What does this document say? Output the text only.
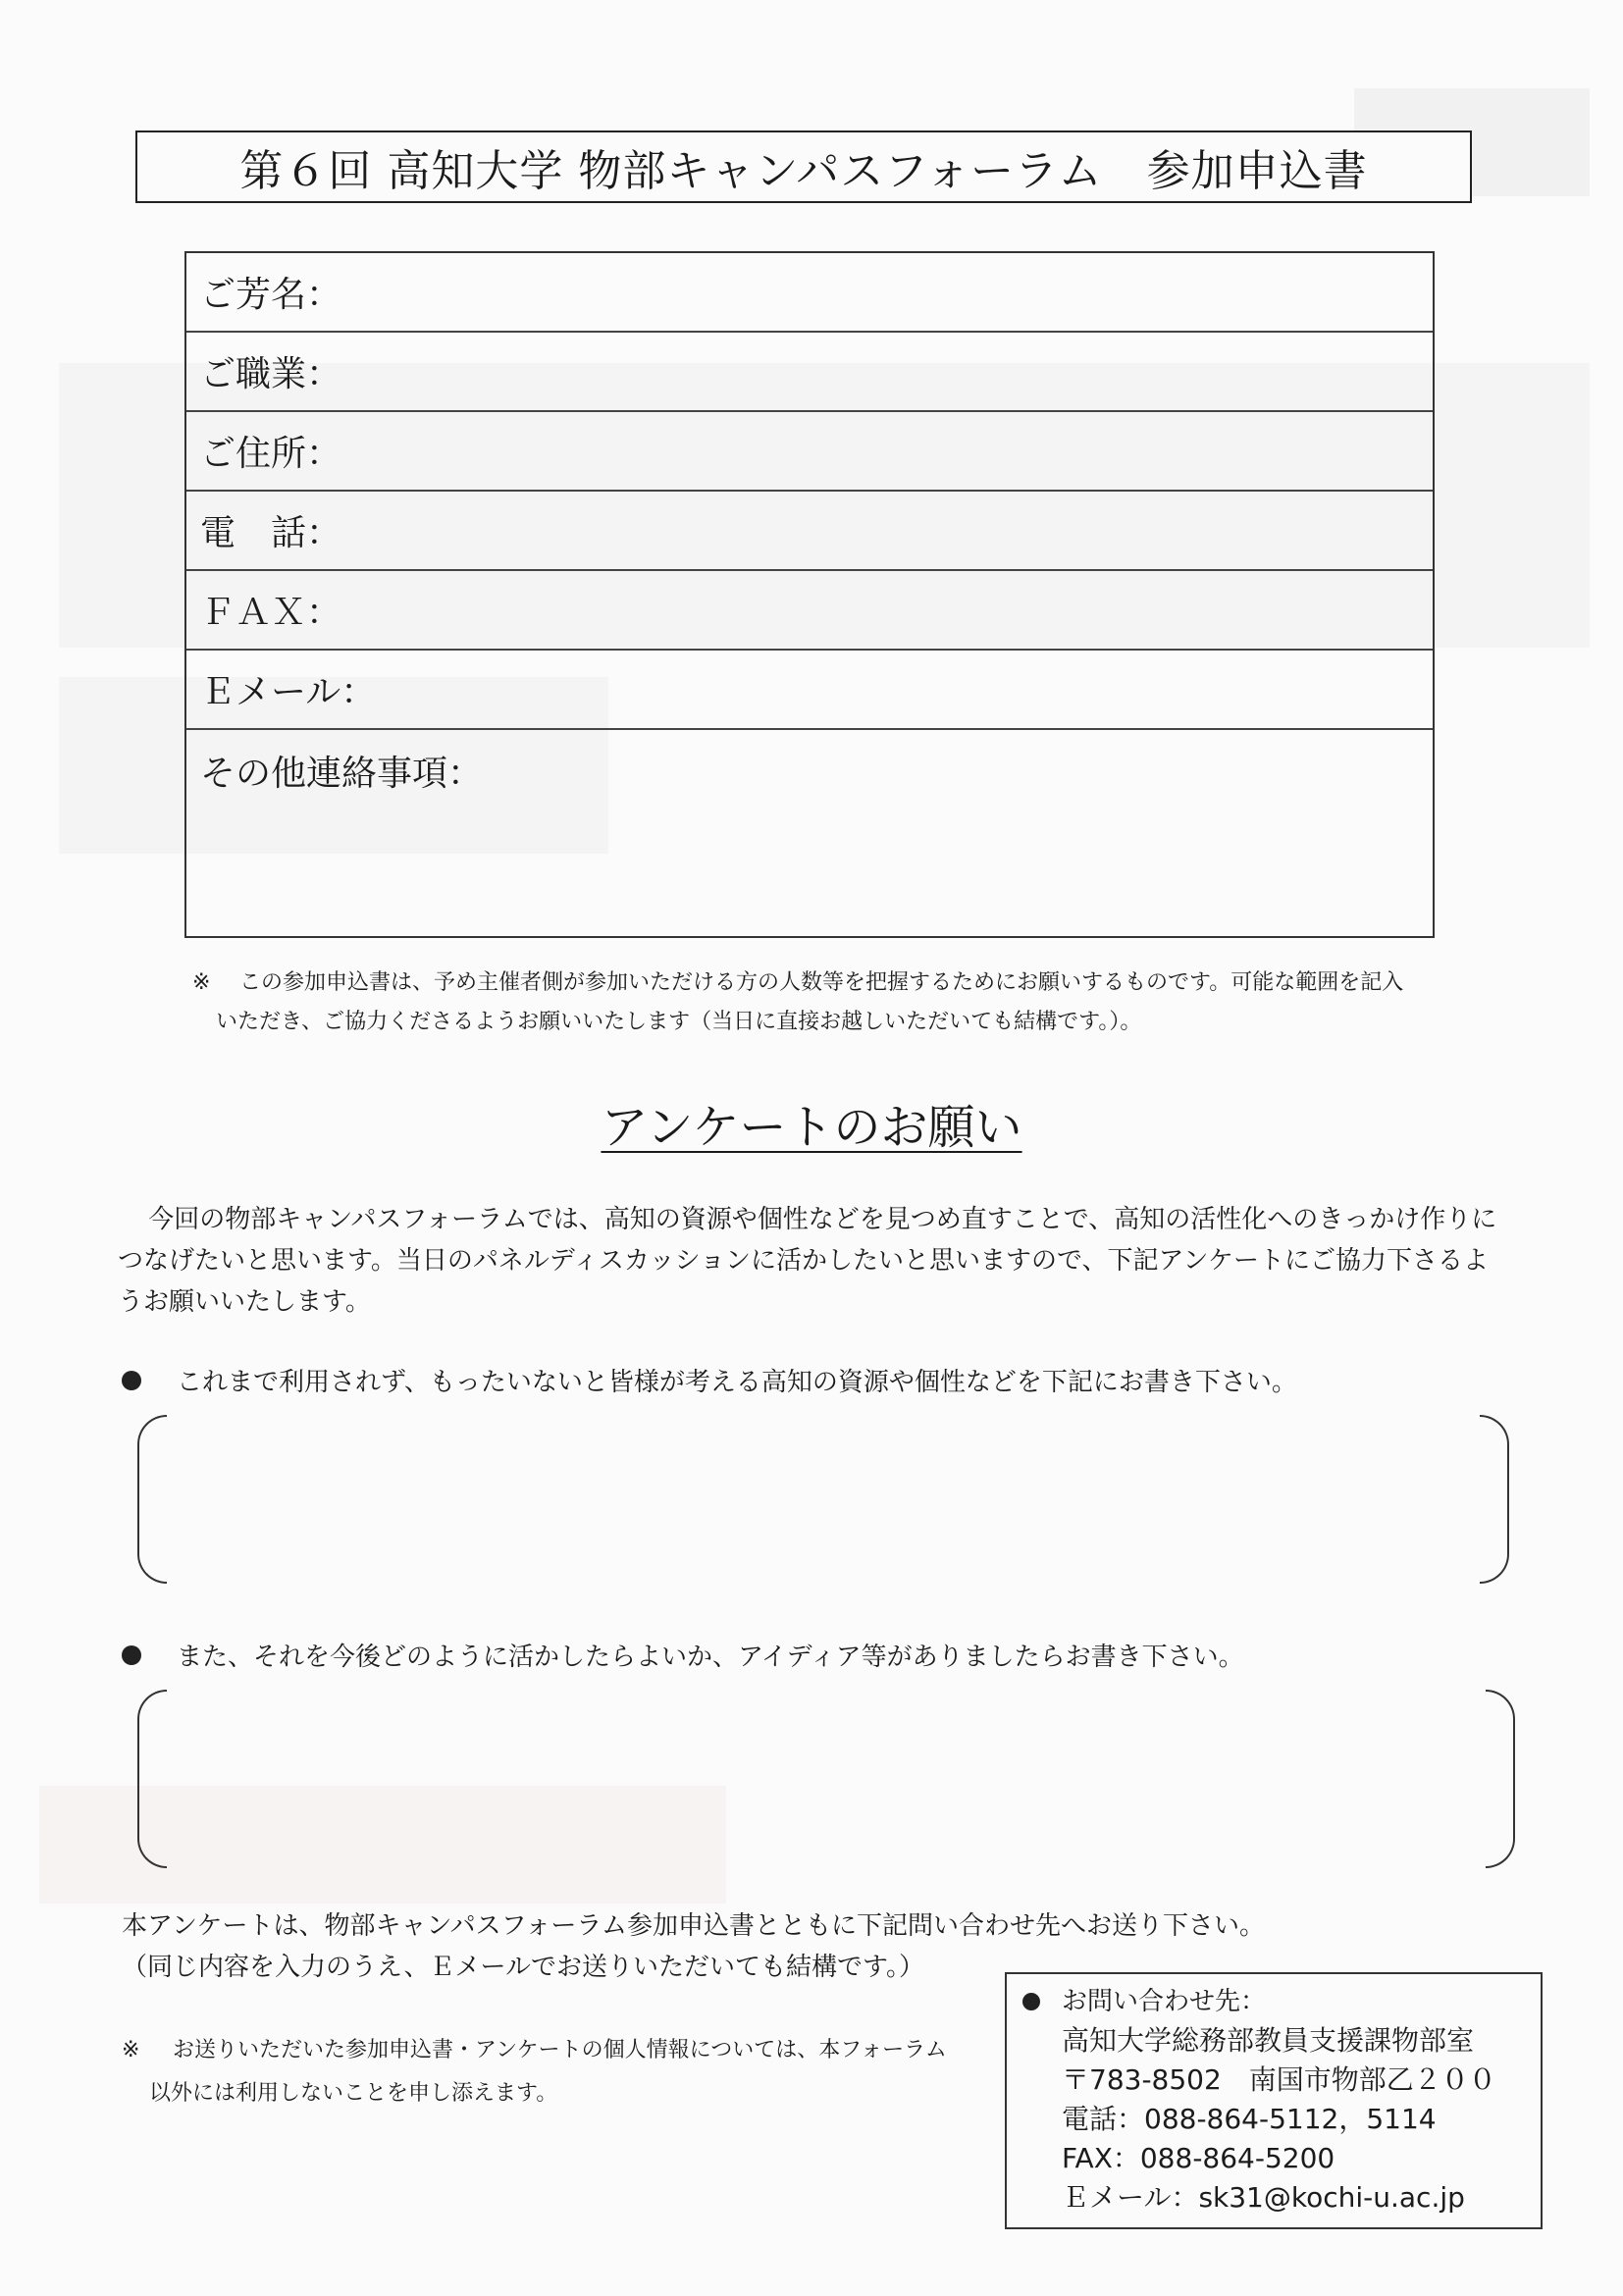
第６回 高知大学 物部キャンパスフォーラム　参加申込書
ご芳名：
ご職業：
ご住所：
電　話：
ＦＡＸ：
Ｅメール：
その他連絡事項：
※ この参加申込書は、予め主催者側が参加いただける方の人数等を把握するためにお願いするものです。可能な範囲を記入
いただき、ご協力くださるようお願いいたします（当日に直接お越しいただいても結構です。）。
アンケートのお願い

今回の物部キャンパスフォーラムでは、高知の資源や個性などを見つめ直すことで、高知の活性化へのきっかけ作りにつなげたいと思います。当日のパネルディスカッションに活かしたいと思いますので、下記アンケートにご協力下さるようお願いいたします。

これまで利用されず、もったいないと皆様が考える高知の資源や個性などを下記にお書き下さい。
また、それを今後どのように活かしたらよいか、アイディア等がありましたらお書き下さい。
本アンケートは、物部キャンパスフォーラム参加申込書とともに下記問い合わせ先へお送り下さい。
（同じ内容を入力のうえ、Ｅメールでお送りいただいても結構です。）
※ お送りいただいた参加申込書・アンケートの個人情報については、本フォーラム
以外には利用しないことを申し添えます。
お問い合わせ先：
高知大学総務部教員支援課物部室
〒783-8502　南国市物部乙２００
電話：088-864-5112，5114
FAX：088-864-5200
Ｅメール：sk31@kochi-u.ac.jp
